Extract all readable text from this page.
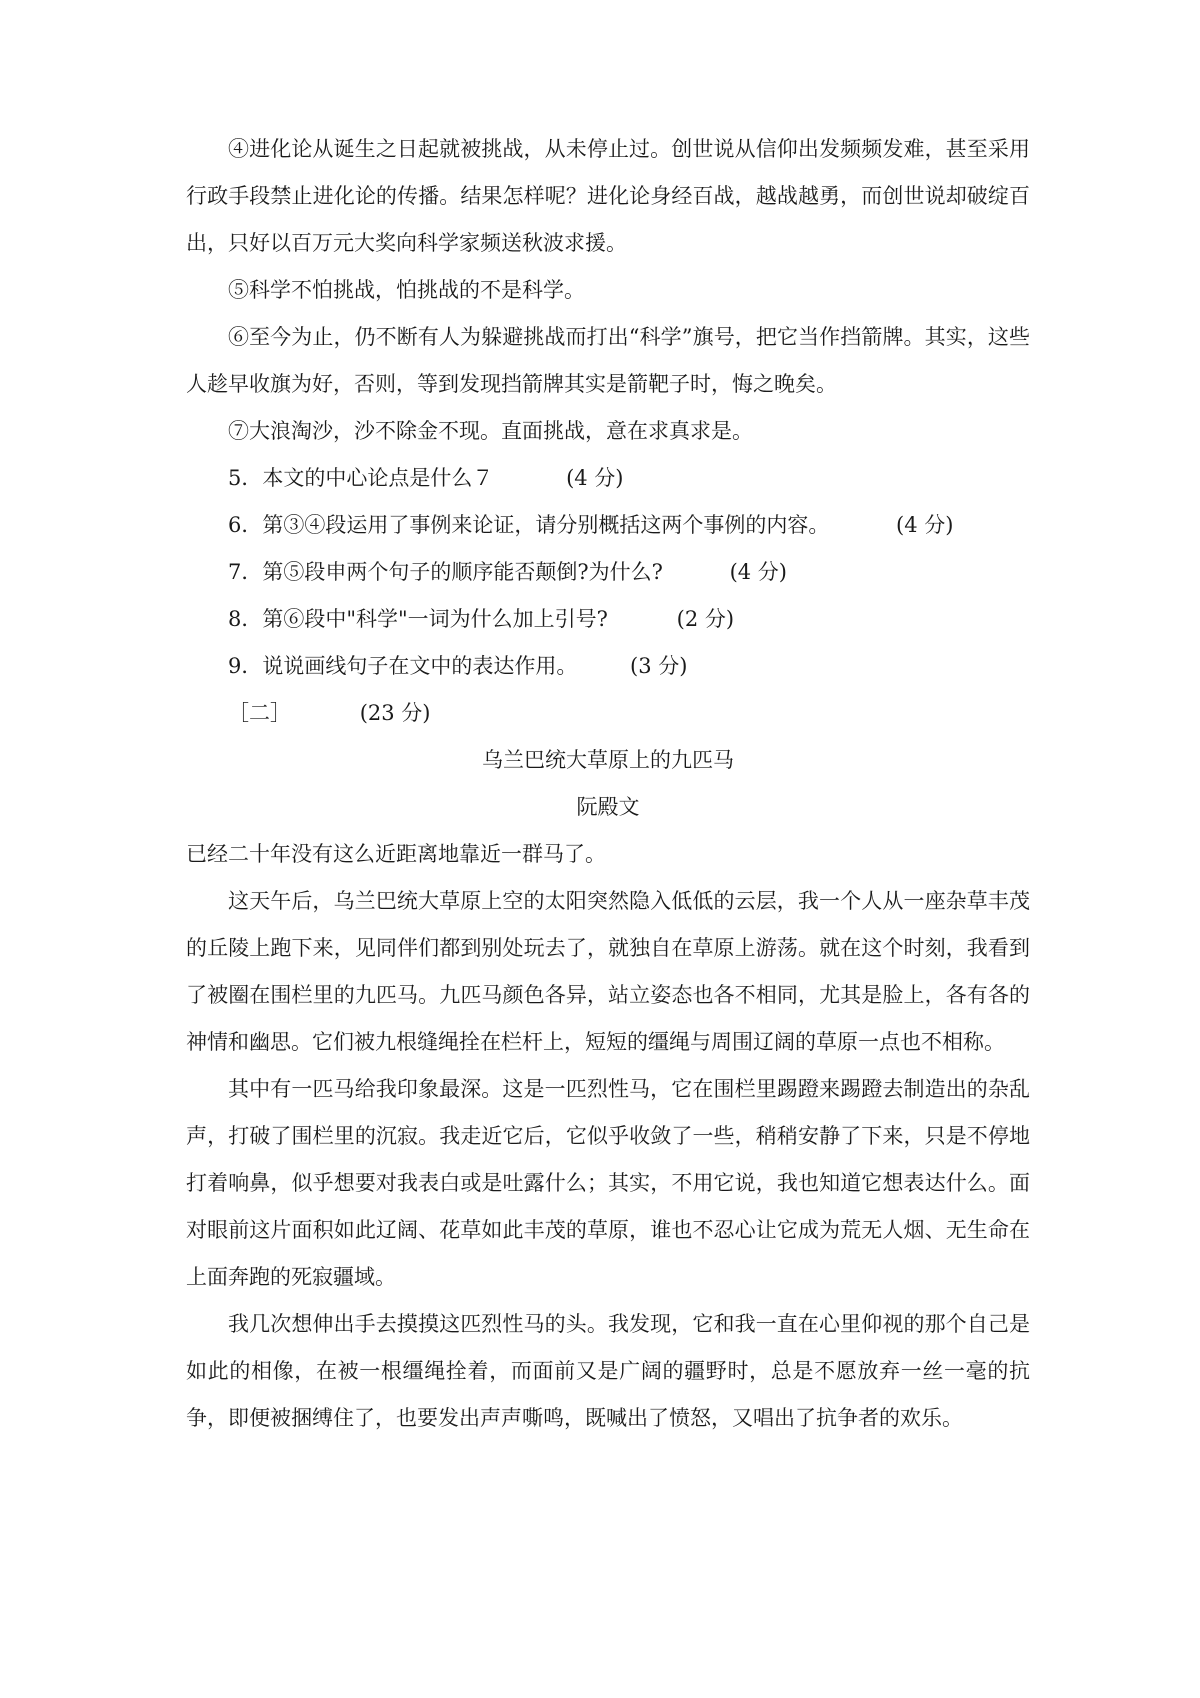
④进化论从诞生之日起就被挑战，从未停止过。创世说从信仰出发频频发难，甚至采用行政手段禁止进化论的传播。结果怎样呢？进化论身经百战，越战越勇，而创世说却破绽百出，只好以百万元大奖向科学家频送秋波求援。

⑤科学不怕挑战，怕挑战的不是科学。

⑥至今为止，仍不断有人为躲避挑战而打出“科学”旗号，把它当作挡箭牌。其实，这些人趁早收旗为好，否则，等到发现挡箭牌其实是箭靶子时，悔之晚矣。

⑦大浪淘沙，沙不除金不现。直面挑战，意在求真求是。

5．本文的中心论点是什么７	(4 分)

6．第③④段运用了事例来论证，请分别概括这两个事例的内容。	(4 分)

7．第⑤段申两个句子的顺序能否颠倒?为什么?	(4 分)

8．第⑥段中"科学"一词为什么加上引号?	(2 分)

9．说说画线句子在文中的表达作用。	(3 分)

［二］	(23 分)

乌兰巴统大草原上的九匹马

阮殿文

已经二十年没有这么近距离地靠近一群马了。

这天午后，乌兰巴统大草原上空的太阳突然隐入低低的云层，我一个人从一座杂草丰茂的丘陵上跑下来，见同伴们都到别处玩去了，就独自在草原上游荡。就在这个时刻，我看到了被圈在围栏里的九匹马。九匹马颜色各异，站立姿态也各不相同，尤其是脸上，各有各的神情和幽思。它们被九根缝绳拴在栏杆上，短短的缰绳与周围辽阔的草原一点也不相称。

其中有一匹马给我印象最深。这是一匹烈性马，它在围栏里踢蹬来踢蹬去制造出的杂乱声，打破了围栏里的沉寂。我走近它后，它似乎收敛了一些，稍稍安静了下来，只是不停地打着响鼻，似乎想要对我表白或是吐露什么；其实，不用它说，我也知道它想表达什么。面对眼前这片面积如此辽阔、花草如此丰茂的草原，谁也不忍心让它成为荒无人烟、无生命在上面奔跑的死寂疆域。

我几次想伸出手去摸摸这匹烈性马的头。我发现，它和我一直在心里仰视的那个自己是如此的相像，在被一根缰绳拴着，而面前又是广阔的疆野时，总是不愿放弃一丝一毫的抗争，即便被捆缚住了，也要发出声声嘶鸣，既喊出了愤怒，又唱出了抗争者的欢乐。
